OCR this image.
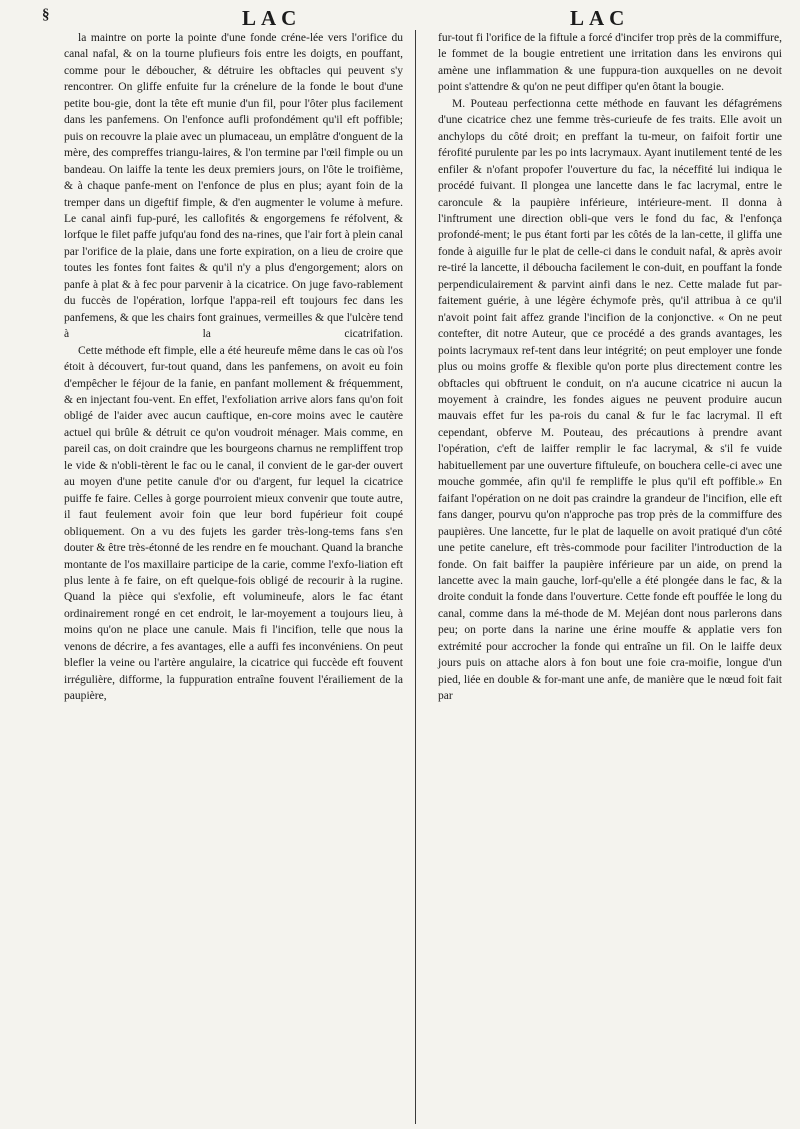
§	LAC	LAC

la maintre on porte la pointe d'une fonde créne-lée vers l'orifice du canal nafal, & on la tourne plufieurs fois entre les doigts, en pouffant, comme pour le déboucher, & détruire les obftacles qui peuvent s'y rencontrer. On gliffe enfuite fur la crénelure de la fonde le bout d'une petite bou-gie, dont la tête eft munie d'un fil, pour l'ôter plus facilement dans les panfemens. On l'enfonce aufli profondément qu'il eft poffible; puis on recouvre la plaie avec un plumaceau, un emplâtre d'onguent de la mère, des compreffes triangu-laires, & l'on termine par l'œil fimple ou un bandeau. On laiffe la tente les deux premiers jours, on l'ôte le troifième, & à chaque panfe-ment on l'enfonce de plus en plus; ayant foin de la tremper dans un digeftif fimple, & d'en augmenter le volume à mefure. Le canal ainfi fup-puré, les callofités & engorgemens fe réfolvent, & lorfque le filet paffe jufqu'au fond des na-rines, que l'air fort à plein canal par l'orifice de la plaie, dans une forte expiration, on a lieu de croire que toutes les fontes font faites & qu'il n'y a plus d'engorgement; alors on panfe à plat & à fec pour parvenir à la cicatrice. On juge favo-rablement du fuccès de l'opération, lorfque l'appa-reil eft toujours fec dans les panfemens, & que les chairs font grainues, vermeilles & que l'ulcère tend à la cicatrifation.

Cette méthode eft fimple, elle a été heureufe même dans le cas où l'os étoit à découvert, fur-tout quand, dans les panfemens, on avoit eu foin d'empêcher le féjour de la fanie, en panfant mollement & fréquemment, & en injectant fou-vent. En effet, l'exfoliation arrive alors fans qu'on foit obligé de l'aider avec aucun cauftique, en-core moins avec le cautère actuel qui brûle & détruit ce qu'on voudroit ménager. Mais comme, en pareil cas, on doit craindre que les bourgeons charnus ne rempliffent trop le vide & n'obli-tèrent le fac ou le canal, il convient de le gar-der ouvert au moyen d'une petite canule d'or ou d'argent, fur lequel la cicatrice puiffe fe faire. Celles à gorge pourroient mieux convenir que toute autre, il faut feulement avoir foin que leur bord fupérieur foit coupé obliquement. On a vu des fujets les garder très-long-tems fans s'en douter & être très-étonné de les rendre en fe mouchant. Quand la branche montante de l'os maxillaire participe de la carie, comme l'exfo-liation eft plus lente à fe faire, on eft quelque-fois obligé de recourir à la rugine. Quand la pièce qui s'exfolie, eft volumineufe, alors le fac étant ordinairement rongé en cet endroit, le lar-moyement a toujours lieu, à moins qu'on ne place une canule. Mais fi l'incifion, telle que nous la venons de décrire, a fes avantages, elle a auffi fes inconvéniens. On peut blefler la veine ou l'artère angulaire, la cicatrice qui fuccède eft fouvent irrégulière, difforme, la fuppuration entraîne fouvent l'érailiement de la paupière,

fur-tout fi l'orifice de la fiftule a forcé d'incifer trop près de la commiffure, le fommet de la bougie entretient une irritation dans les environs qui amène une inflammation & une fuppura-tion auxquelles on ne devoit point s'attendre & qu'on ne peut diffiper qu'en ôtant la bougie.

M. Pouteau perfectionna cette méthode en fauvant les défagrémens d'une cicatrice chez une femme très-curieufe de fes traits. Elle avoit un anchylops du côté droit; en preffant la tu-meur, on faifoit fortir une férofité purulente par les po ints lacrymaux. Ayant inutilement tenté de les enfiler & n'ofant propofer l'ouverture du fac, la néceffité lui indiqua le procédé fuivant. Il plongea une lancette dans le fac lacrymal, entre le caroncule & la paupière inférieure, intérieure-ment. Il donna à l'inftrument une direction obli-que vers le fond du fac, & l'enfonça profondé-ment; le pus étant forti par les côtés de la lan-cette, il gliffa une fonde à aiguille fur le plat de celle-ci dans le conduit nafal, & après avoir re-tiré la lancette, il déboucha facilement le con-duit, en pouffant la fonde perpendiculairement & parvint ainfi dans le nez. Cette malade fut par-faitement guérie, à une légère échymofe près, qu'il attribua à ce qu'il n'avoit point fait affez grande l'incifion de la conjonctive. « On ne peut contefter, dit notre Auteur, que ce procédé a des grands avantages, les points lacrymaux ref-tent dans leur intégrité; on peut employer une fonde plus ou moins groffe & flexible qu'on porte plus directement contre les obftacles qui obftruent le conduit, on n'a aucune cicatrice ni aucun la moyement à craindre, les fondes aigues ne peuvent produire aucun mauvais effet fur les pa-rois du canal & fur le fac lacrymal. Il eft cependant, obferve M. Pouteau, des précautions à prendre avant l'opération, c'eft de laiffer remplir le fac lacrymal, & s'il fe vuide habituellement par une ouverture fiftuleufe, on bouchera celle-ci avec une mouche gommée, afin qu'il fe rempliffe le plus qu'il eft poffible.» En faifant l'opération on ne doit pas craindre la grandeur de l'incifion, elle eft fans danger, pourvu qu'on n'approche pas trop près de la commiffure des paupières. Une lancette, fur le plat de laquelle on avoit pratiqué d'un côté une petite canelure, eft très-commode pour faciliter l'introduction de la fonde. On fait baiffer la paupière inférieure par un aide, on prend la lancette avec la main gauche, lorf-qu'elle a été plongée dans le fac, & la droite conduit la fonde dans l'ouverture. Cette fonde eft pouffée le long du canal, comme dans la mé-thode de M. Mejéan dont nous parlerons dans peu; on porte dans la narine une érine mouffe & applatie vers fon extrémité pour accrocher la fonde qui entraîne un fil. On le laiffe deux jours puis on attache alors à fon bout une foie cra-moifie, longue d'un pied, liée en double & for-mant une anfe, de manière que le nœud foit fait par
